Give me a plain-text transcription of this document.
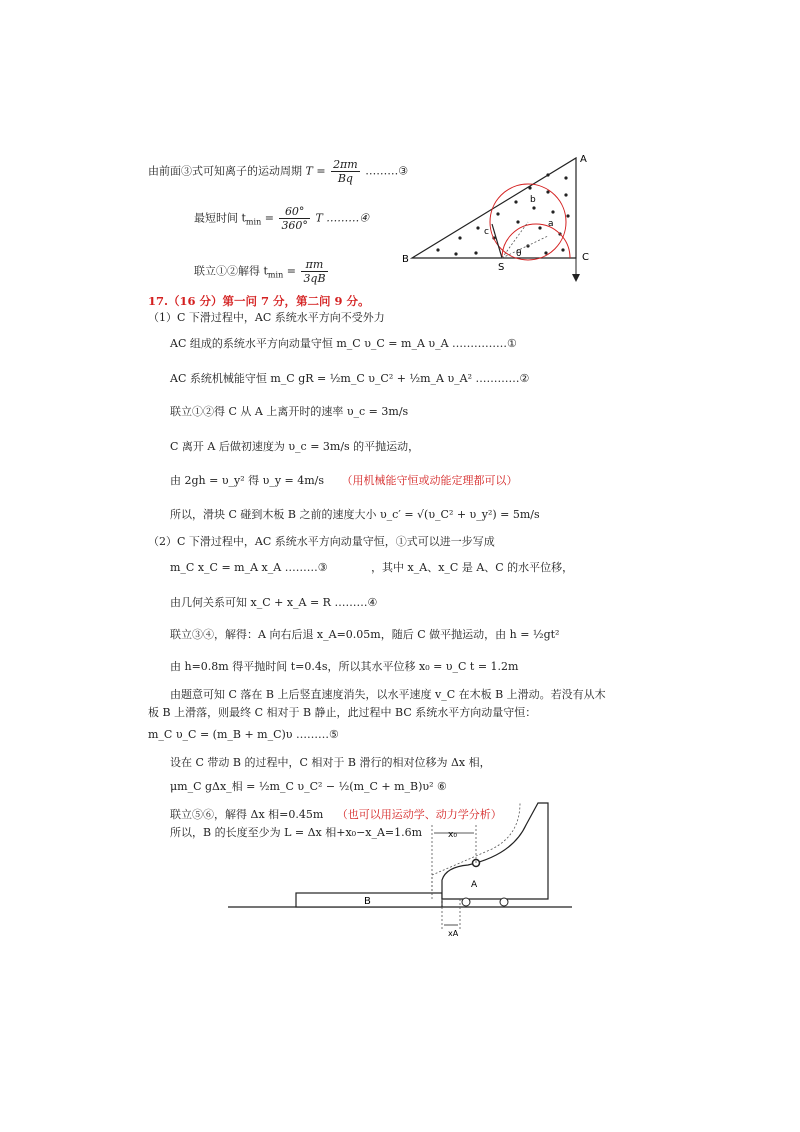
由前面③式可知离子的运动周期 $T = \frac{2\pi m}{Bq}$ ………③
最短时间 $t_{min} = \frac{60^\circ}{360^\circ}$ T ………④
联立①②解得 $t_{min} = \frac{\pi m}{3qB}$
A
B	C
S
b
a
c
θ
17.（16 分）第一问 7 分，第二问 9 分。
（1）C 下滑过程中，AC 系统水平方向不受外力
AC 组成的系统水平方向动量守恒 m_C υ_C = m_A υ_A ……………①
AC 系统机械能守恒 m_C gR = ½m_C υ_C² + ½m_A υ_A² …………②
联立①②得 C 从 A 上离开时的速率 υ_c = 3m/s
C 离开 A 后做初速度为 υ_c = 3m/s 的平抛运动，
由 2gh = υ_y² 得 υ_y = 4m/s （用机械能守恒或动能定理都可以）
所以，滑块 C 碰到木板 B 之前的速度大小 υ_c′ = √(υ_C² + υ_y²) = 5m/s
（2）C 下滑过程中，AC 系统水平方向动量守恒，①式可以进一步写成
m_C x_C = m_A x_A ………③	，其中 x_A、x_C 是 A、C 的水平位移，
由几何关系可知 x_C + x_A = R ………④
联立③④，解得：A 向右后退 x_A=0.05m，随后 C 做平抛运动，由 h = ½gt²
由 h=0.8m 得平抛时间 t=0.4s，所以其水平位移 x₀ = υ_C t = 1.2m
由题意可知 C 落在 B 上后竖直速度消失，以水平速度 v_C 在木板 B 上滑动。若没有从木
板 B 上滑落，则最终 C 相对于 B 静止，此过程中 BC 系统水平方向动量守恒：
m_C υ_C = (m_B + m_C)υ ………⑤
设在 C 带动 B 的过程中，C 相对于 B 滑行的相对位移为 Δx 相，
μm_C gΔx_相 = ½m_C υ_C² − ½(m_C + m_B)υ² ⑥
联立⑤⑥，解得 Δx 相=0.45m （也可以用运动学、动力学分析）
所以，B 的长度至少为 L = Δx 相+x₀−x_A=1.6m
B
A
x₀
xA
